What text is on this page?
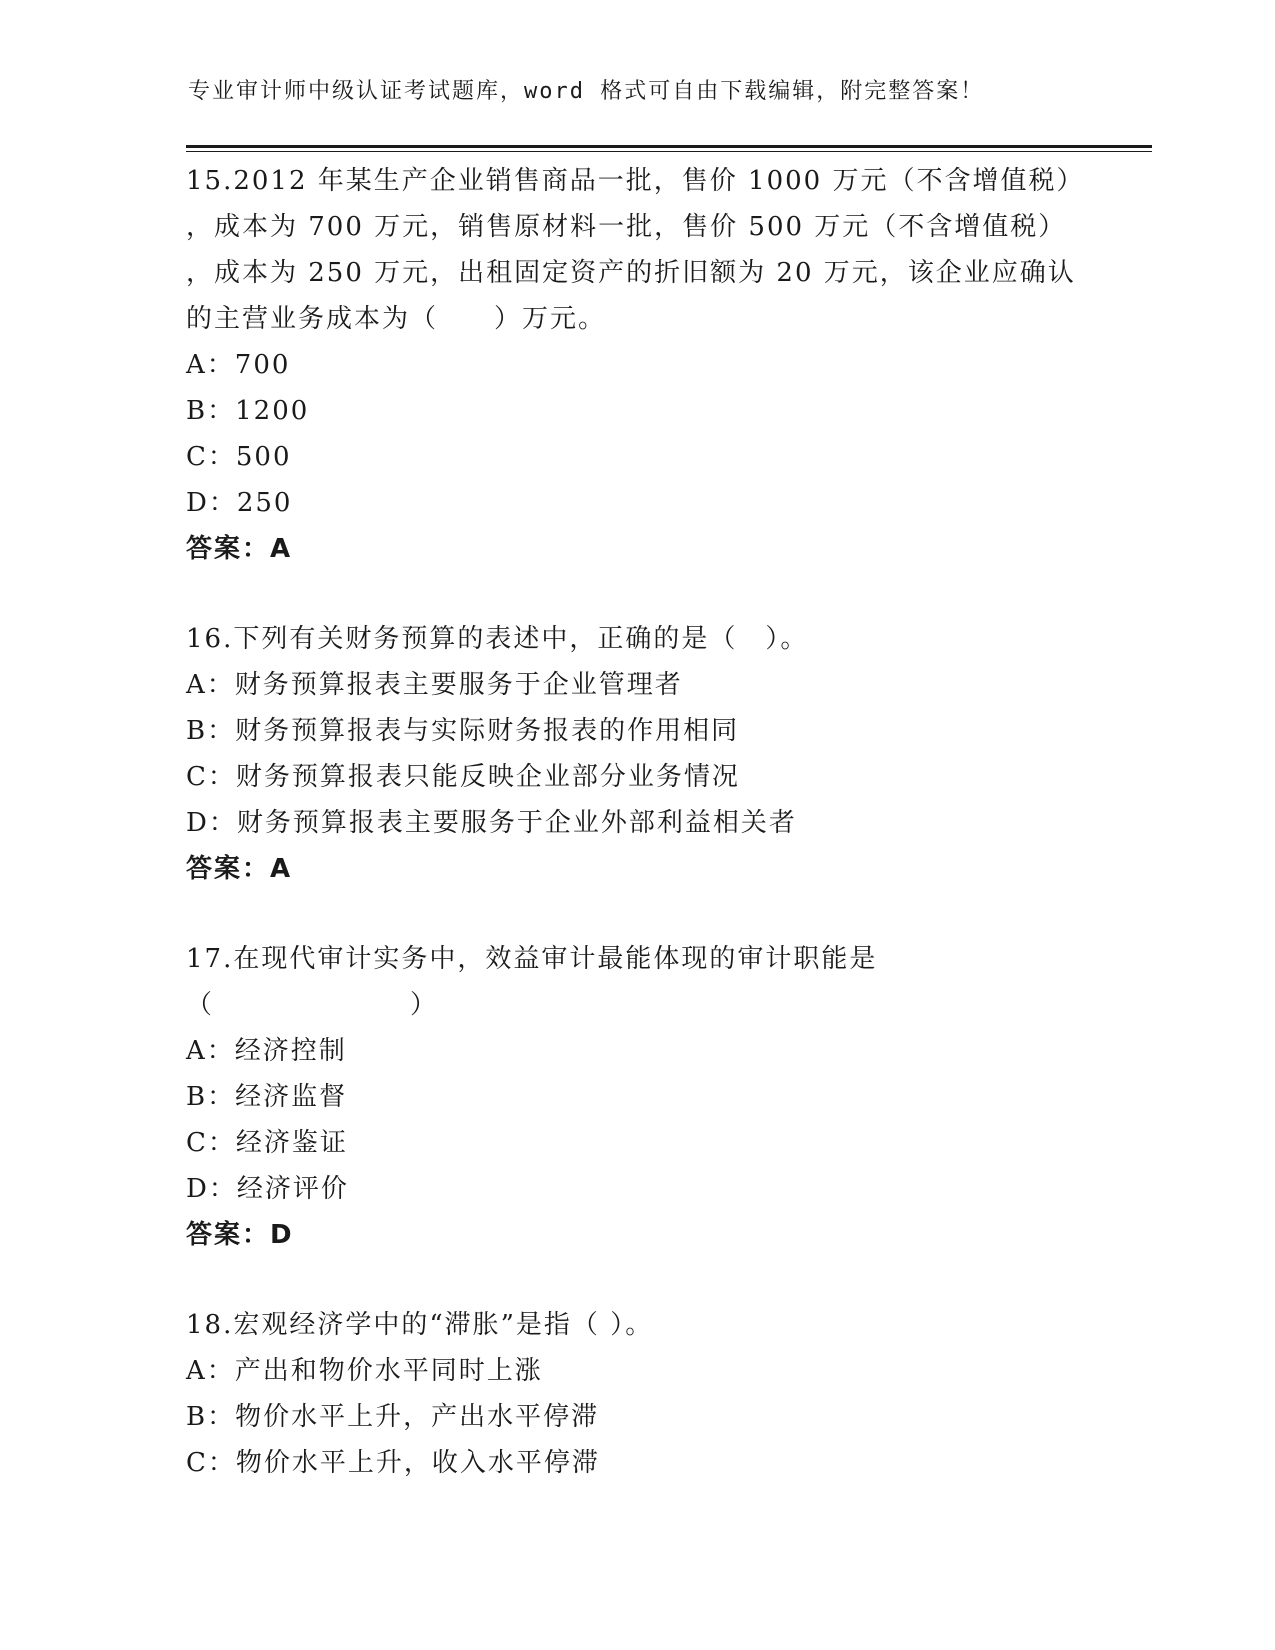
专业审计师中级认证考试题库，word 格式可自由下载编辑，附完整答案！
15.2012 年某生产企业销售商品一批，售价 1000 万元（不含增值税）
，成本为 700 万元，销售原材料一批，售价 500 万元（不含增值税）
，成本为 250 万元，出租固定资产的折旧额为 20 万元，该企业应确认
的主营业务成本为（　　）万元。
A：700
B：1200
C：500
D：250
答案：A
16.下列有关财务预算的表述中，正确的是（　）。
A：财务预算报表主要服务于企业管理者
B：财务预算报表与实际财务报表的作用相同
C：财务预算报表只能反映企业部分业务情况
D：财务预算报表主要服务于企业外部利益相关者
答案：A
17.在现代审计实务中，效益审计最能体现的审计职能是
（　　　　　　　）
A：经济控制
B：经济监督
C：经济鉴证
D：经济评价
答案：D
18.宏观经济学中的“滞胀”是指（ ）。
A：产出和物价水平同时上涨
B：物价水平上升，产出水平停滞
C：物价水平上升，收入水平停滞
